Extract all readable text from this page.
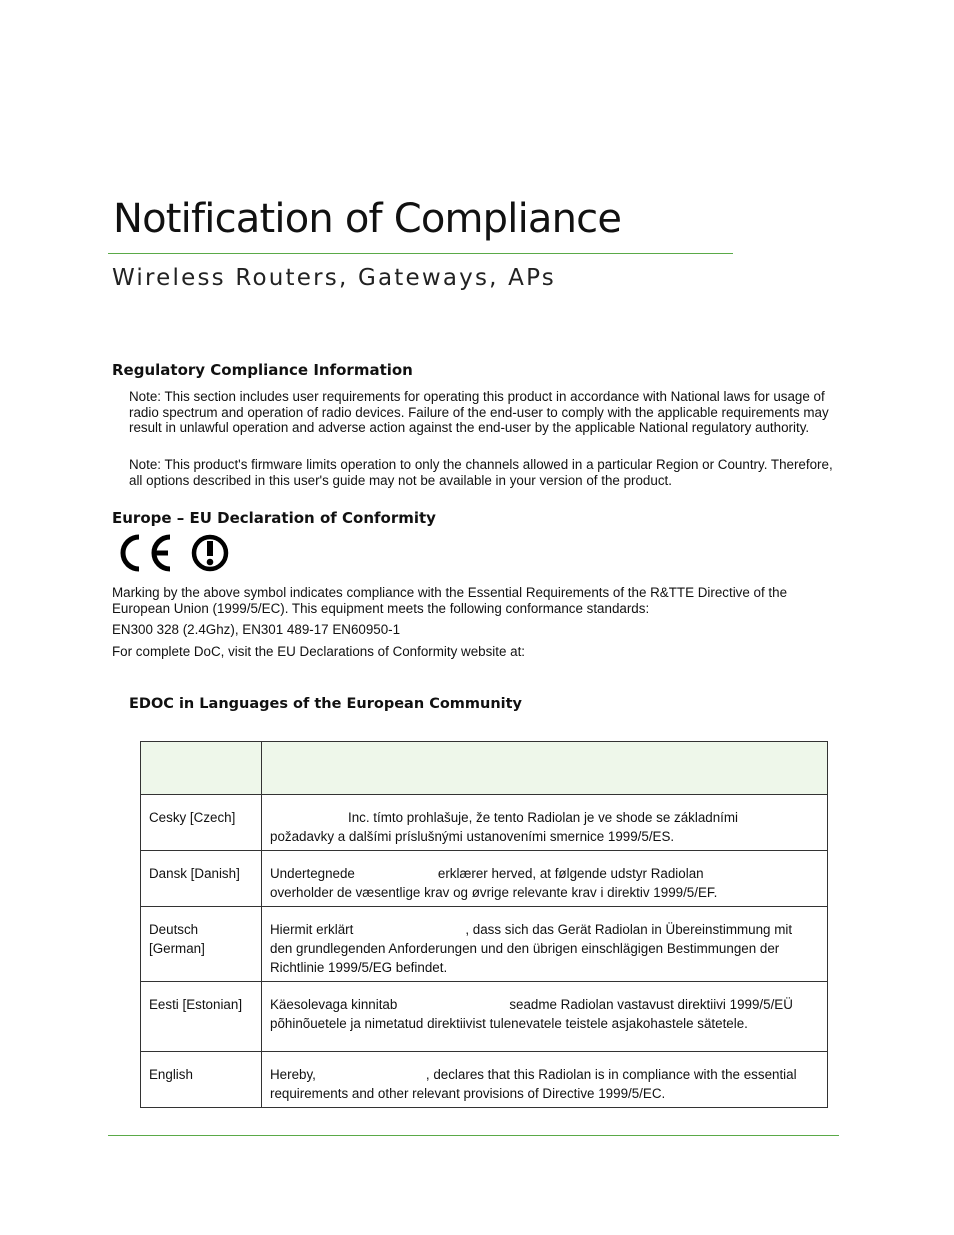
Notification of Compliance
Wireless Routers, Gateways, APs
Regulatory Compliance Information
Note: This section includes user requirements for operating this product in accordance with National laws for usage of radio spectrum and operation of radio devices. Failure of the end-user to comply with the applicable requirements may result in unlawful operation and adverse action against the end-user by the applicable National regulatory authority.
Note: This product's firmware limits operation to only the channels allowed in a particular Region or Country. Therefore, all options described in this user's guide may not be available in your version of the product.
Europe – EU Declaration of Conformity
Marking by the above symbol indicates compliance with the Essential Requirements of the R&TTE Directive of the European Union (1999/5/EC). This equipment meets the following conformance standards:
EN300 328 (2.4Ghz), EN301 489-17 EN60950-1
For complete DoC, visit the EU Declarations of Conformity website at:
EDOC in Languages of the European Community

Cesky [Czech]	Inc. tímto prohlašuje, že tento Radiolan je ve shode se základními
požadavky a dalšími príslušnými ustanoveními smernice 1999/5/ES.
Dansk [Danish]	Undertegnede erklærer herved, at følgende udstyr Radiolan
overholder de væsentlige krav og øvrige relevante krav i direktiv 1999/5/EF.
Deutsch [German]	Hiermit erklärt , dass sich das Gerät Radiolan in Übereinstimmung mit
den grundlegenden Anforderungen und den übrigen einschlägigen Bestimmungen der Richtlinie 1999/5/EG befindet.
Eesti [Estonian]	Käesolevaga kinnitab seadme Radiolan vastavust direktiivi 1999/5/EÜ
põhinõuetele ja nimetatud direktiivist tulenevatele teistele asjakohastele sätetele.
English	Hereby, , declares that this Radiolan is in compliance with the essential
requirements and other relevant provisions of Directive 1999/5/EC.
